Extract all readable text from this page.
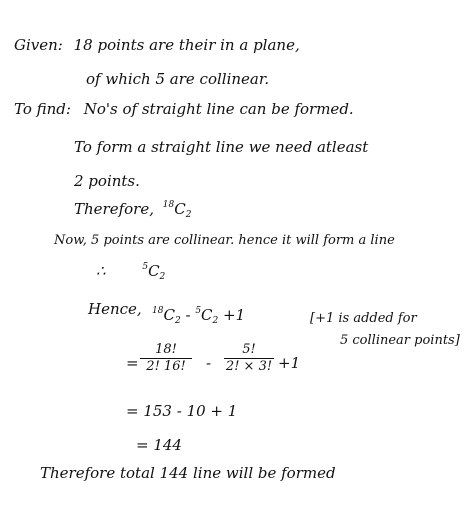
Given: 18 points are their in a plane,
of which 5 are collinear.
To find: No's of straight line can be formed.
To form a straight line we need atleast
2 points.
Therefore, $^{18}C_2$
Now, 5 points are collinear. hence it will form a line
∴	$^5C_2$
Hence, $^{18}C_2 - ^5C_2 +1$	[+1 is added for
5 collinear points]
= $\frac{18!}{2! 16!} - \frac{5!}{2! \times 3!} +1$
= 153 - 10 + 1
= 144
Therefore total 144 line will be formed
